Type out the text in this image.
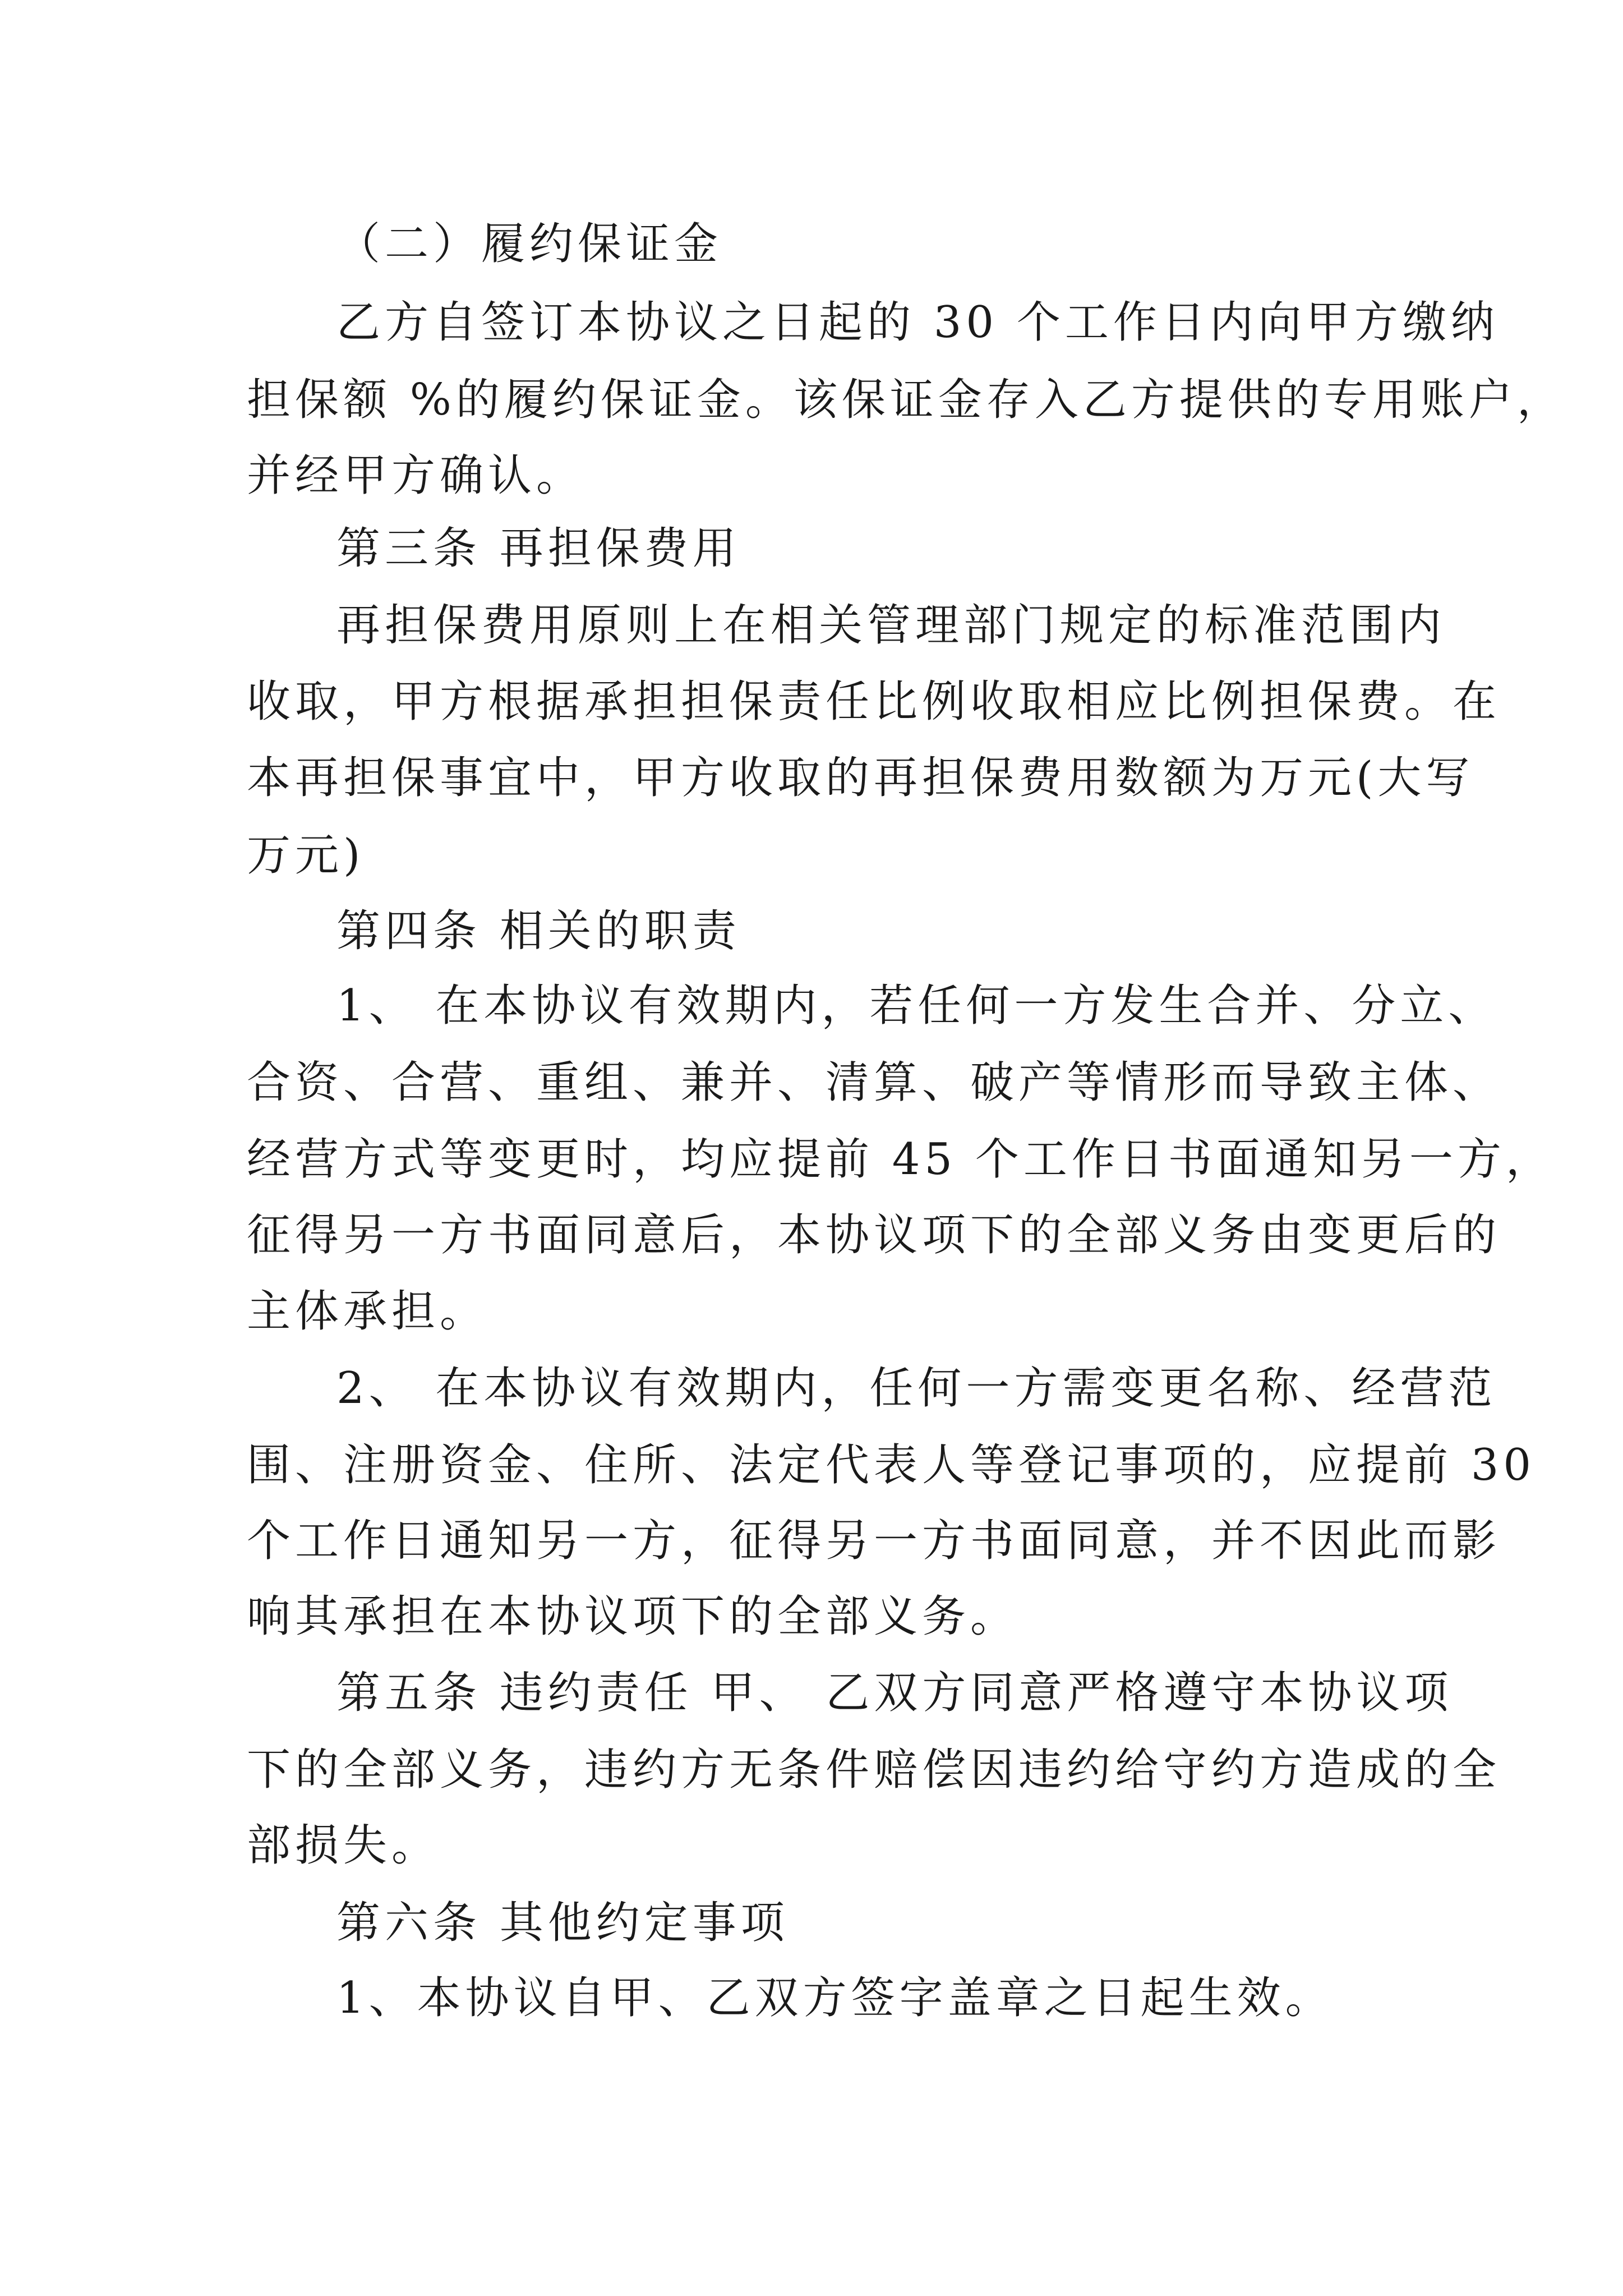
（二）履约保证金
乙方自签订本协议之日起的 30 个工作日内向甲方缴纳
担保额 %的履约保证金。该保证金存入乙方提供的专用账户，
并经甲方确认。
第三条 再担保费用
再担保费用原则上在相关管理部门规定的标准范围内
收取，甲方根据承担担保责任比例收取相应比例担保费。在
本再担保事宜中，甲方收取的再担保费用数额为万元(大写
万元)
第四条 相关的职责
1、 在本协议有效期内，若任何一方发生合并、分立、
合资、合营、重组、兼并、清算、破产等情形而导致主体、
经营方式等变更时，均应提前 45 个工作日书面通知另一方，
征得另一方书面同意后，本协议项下的全部义务由变更后的
主体承担。
2、 在本协议有效期内，任何一方需变更名称、经营范
围、注册资金、住所、法定代表人等登记事项的，应提前 30
个工作日通知另一方，征得另一方书面同意，并不因此而影
响其承担在本协议项下的全部义务。
第五条 违约责任 甲、 乙双方同意严格遵守本协议项
下的全部义务，违约方无条件赔偿因违约给守约方造成的全
部损失。
第六条 其他约定事项
1、本协议自甲、乙双方签字盖章之日起生效。
